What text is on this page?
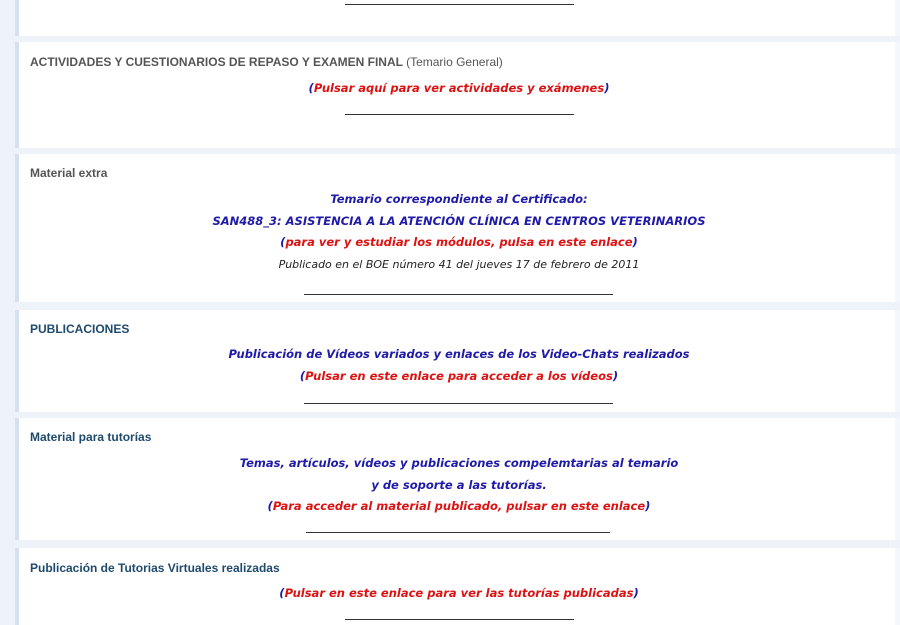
ACTIVIDADES Y CUESTIONARIOS DE REPASO Y EXAMEN FINAL (Temario General)
(Pulsar aquí para ver actividades y exámenes)
Material extra
Temario correspondiente al Certificado:
SAN488_3: ASISTENCIA A LA ATENCIÓN CLÍNICA EN CENTROS VETERINARIOS
(para ver y estudiar los módulos, pulsa en este enlace)
Publicado en el BOE número 41 del jueves 17 de febrero de 2011
PUBLICACIONES
Publicación de Vídeos variados y enlaces de los Video-Chats realizados
(Pulsar en este enlace para acceder a los vídeos)
Material para tutorías
Temas, artículos, vídeos y publicaciones compelemtarias al temario
y de soporte a las tutorías.
(Para acceder al material publicado, pulsar en este enlace)
Publicación de Tutorias Virtuales realizadas
(Pulsar en este enlace para ver las tutorías publicadas)
